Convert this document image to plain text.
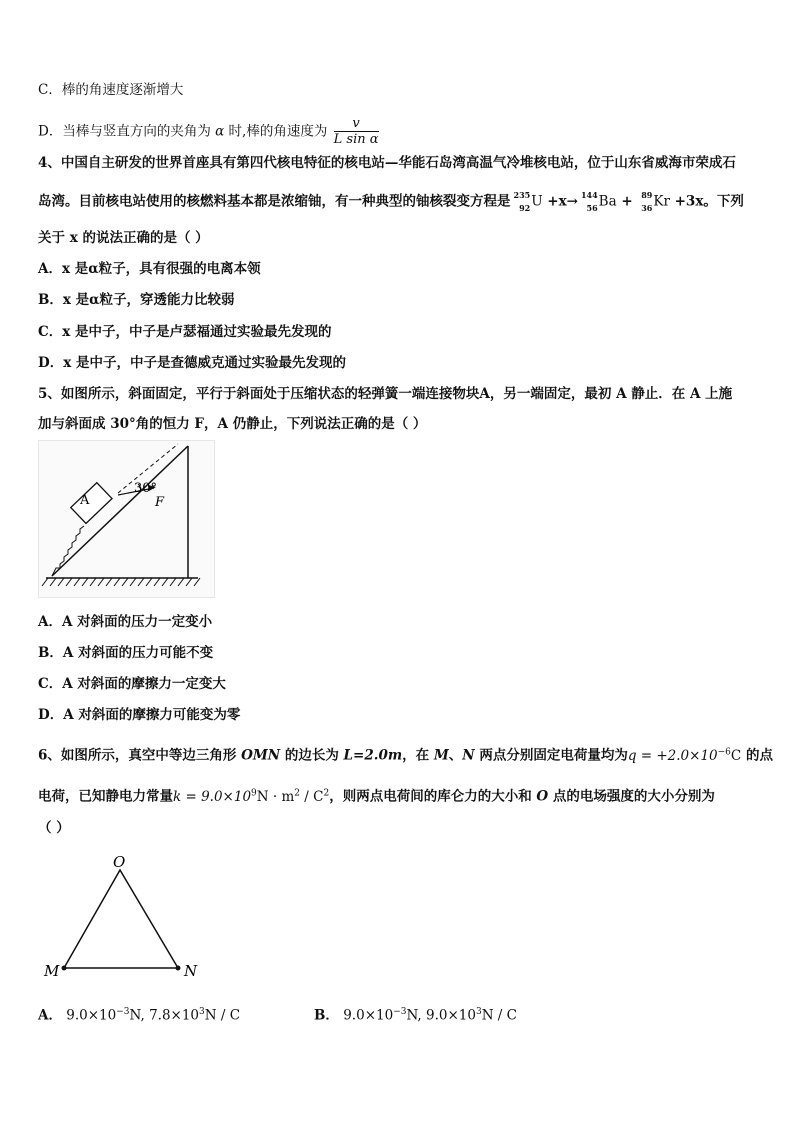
C．棒的角速度逐渐增大
D．当棒与竖直方向的夹角为 α 时,棒的角速度为 $\frac{v}{\text{L sin α}}$
4、中国自主研发的世界首座具有第四代核电特征的核电站—华能石岛湾高温气冷堆核电站，位于山东省威海市荣成石
岛湾。目前核电站使用的核燃料基本都是浓缩铀，有一种典型的铀核裂变方程是 235
92 U +x→ 144
56 Ba + 89
36 Kr +3x。下列
关于 x 的说法正确的是（ ）
A．x 是α粒子，具有很强的电离本领
B．x 是α粒子，穿透能力比较弱
C．x 是中子，中子是卢瑟福通过实验最先发现的
D．x 是中子，中子是查德威克通过实验最先发现的
5、如图所示，斜面固定，平行于斜面处于压缩状态的轻弹簧一端连接物块A，另一端固定，最初 A 静止．在 A 上施
加与斜面成 30°角的恒力 F，A 仍静止，下列说法正确的是（ ）
A
30°
F
A．A 对斜面的压力一定变小
B．A 对斜面的压力可能不变
C．A 对斜面的摩擦力一定变大
D．A 对斜面的摩擦力可能变为零
6、如图所示，真空中等边三角形 OMN 的边长为 L=2.0m，在 M、N 两点分别固定电荷量均为$q = +2.0\times 10^{-6}C$ 的点
电荷，已知静电力常量$k = 9.0\times 10^9N \cdot m^2 / C^2$，则两点电荷间的库仑力的大小和 O 点的电场强度的大小分别为
（ ）
O
M	N
A． $9.0\times 10^{-3}N$, $7.8\times 10^3N / C$	B． $9.0\times 10^{-3}N$, $9.0\times 10^3N / C$
